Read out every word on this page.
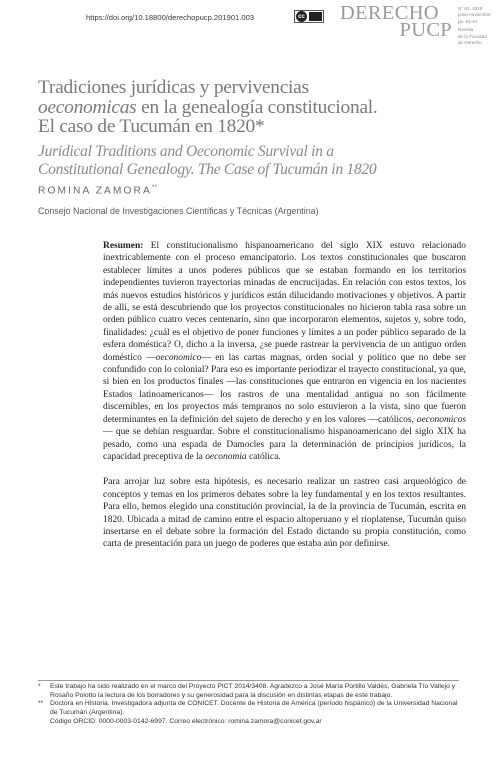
https://doi.org/10.18800/derechopucp.201901.003	cc DERECHO
PUCP
N° 82, 2019
junio-noviembre
pp. 61-91
Revista
de la Facultad
de Derecho
Tradiciones jurídicas y pervivencias
oeconomicas en la genealogía constitucional.
El caso de Tucumán en 1820*
Juridical Traditions and Oeconomic Survival in a
Constitutional Genealogy. The Case of Tucumán in 1820
ROMINA ZAMORA**
Consejo Nacional de Investigaciones Científicas y Técnicas (Argentina)

Resumen: El constitucionalismo hispanoamericano del siglo XIX estuvo relacionado inextricablemente con el proceso emancipatorio. Los textos constitucionales que buscaron establecer límites a unos poderes públicos que se estaban formando en los territorios independientes tuvieron trayectorias minadas de encrucijadas. En relación con estos textos, los más nuevos estudios históricos y jurídicos están dilucidando motivaciones y objetivos. A partir de allí, se está descubriendo que los proyectos constitucionales no hicieron tabla rasa sobre un orden público cuatro veces centenario, sino que incorporaron elementos, sujetos y, sobre todo, finalidades: ¿cuál es el objetivo de poner funciones y límites a un poder público separado de la esfera doméstica? O, dicho a la inversa, ¿se puede rastrear la pervivencia de un antiguo orden doméstico —oeconomico— en las cartas magnas, orden social y político que no debe ser confundido con lo colonial? Para eso es importante periodizar el trayecto constitucional, ya que, si bien en los productos finales —las constituciones que entraron en vigencia en los nacientes Estados latinoamericanos— los rastros de una mentalidad antigua no son fácilmente discernibles, en los proyectos más tempranos no solo estuvieron a la vista, sino que fueron determinantes en la definición del sujeto de derecho y en los valores —católicos, oeconomicos— que se debían resguardar. Sobre el constitucionalismo hispanoamericano del siglo XIX ha pesado, como una espada de Damocles para la determinación de principios jurídicos, la capacidad preceptiva de la oeconomia católica.

Para arrojar luz sobre esta hipótesis, es necesario realizar un rastreo casi arqueológico de conceptos y temas en los primeros debates sobre la ley fundamental y en los textos resultantes. Para ello, hemos elegido una constitución provincial, la de la provincia de Tucumán, escrita en 1820. Ubicada a mitad de camino entre el espacio altoperuano y el rioplatense, Tucumán quiso insertarse en el debate sobre la formación del Estado dictando su propia constitución, como carta de presentación para un juego de poderes que estaba aún por definirse.

* Este trabajo ha sido realizado en el marco del Proyecto PICT 2014/3408. Agradezco a José María Portillo Valdés, Gabriela Tío Vallejo y Rosaño Polotto la lectura de los borradores y su generosidad para la discusión en distintas etapas de este trabajo.

** Doctora en Historia. Investigadora adjunta de CONICET. Docente de Historia de América (período hispánico) de la Universidad Nacional de Tucumán (Argentina).

Código ORCID: 0000-0003-0142-6997. Correo electrónico: romina.zamora@conicet.gov.ar
